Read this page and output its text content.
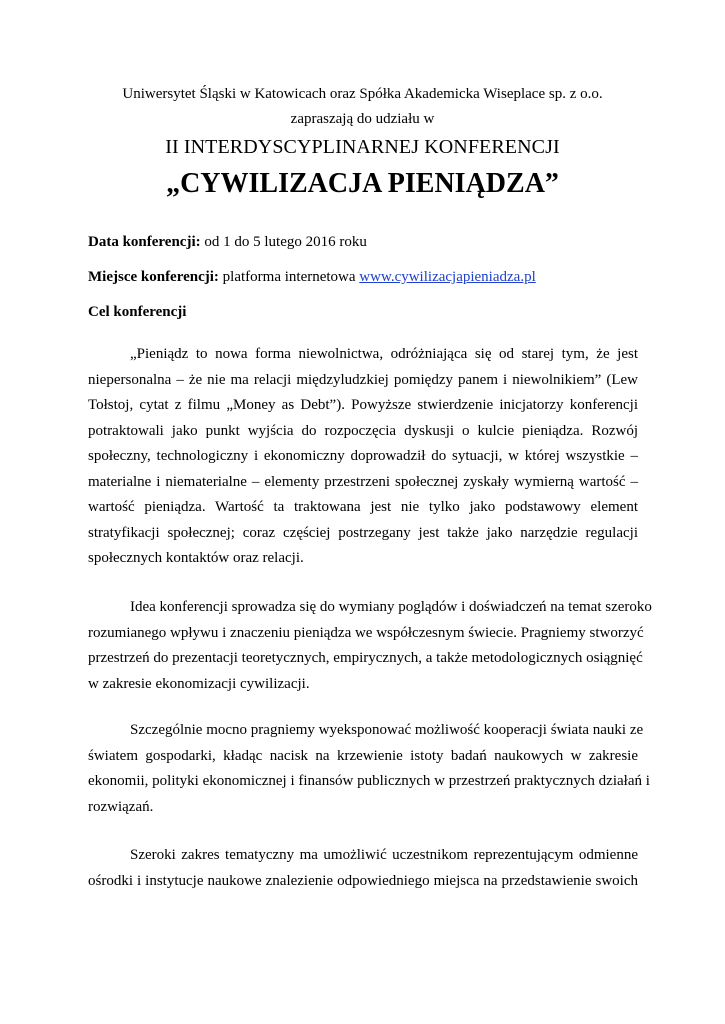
Uniwersytet Śląski w Katowicach oraz Spółka Akademicka Wiseplace sp. z o.o.
zapraszają do udziału w
II INTERDYSCYPLINARNEJ KONFERENCJI
„CYWILIZACJA PIENIĄDZA”
Data konferencji: od 1 do 5 lutego 2016 roku
Miejsce konferencji: platforma internetowa www.cywilizacjapieniadza.pl
Cel konferencji
„Pieniądz to nowa forma niewolnictwa, odróżniająca się od starej tym, że jest
niepersonalna – że nie ma relacji międzyludzkiej pomiędzy panem i niewolnikiem” (Lew
Tołstoj, cytat z filmu „Money as Debt”). Powyższe stwierdzenie inicjatorzy konferencji
potraktowali jako punkt wyjścia do rozpoczęcia dyskusji o kulcie pieniądza. Rozwój
społeczny, technologiczny i ekonomiczny doprowadził do sytuacji, w której wszystkie –
materialne i niematerialne – elementy przestrzeni społecznej zyskały wymierną wartość –
wartość pieniądza. Wartość ta traktowana jest nie tylko jako podstawowy element
stratyfikacji społecznej; coraz częściej postrzegany jest także jako narzędzie regulacji
społecznych kontaktów oraz relacji.
Idea konferencji sprowadza się do wymiany poglądów i doświadczeń na temat szeroko
rozumianego wpływu i znaczeniu pieniądza we współczesnym świecie. Pragniemy stworzyć
przestrzeń do prezentacji teoretycznych, empirycznych, a także metodologicznych osiągnięć
w zakresie ekonomizacji cywilizacji.
Szczególnie mocno pragniemy wyeksponować możliwość kooperacji świata nauki ze
światem gospodarki, kładąc nacisk na krzewienie istoty badań naukowych w zakresie
ekonomii, polityki ekonomicznej i finansów publicznych w przestrzeń praktycznych działań i
rozwiązań.
Szeroki zakres tematyczny ma umożliwić uczestnikom reprezentującym odmienne
ośrodki i instytucje naukowe znalezienie odpowiedniego miejsca na przedstawienie swoich
